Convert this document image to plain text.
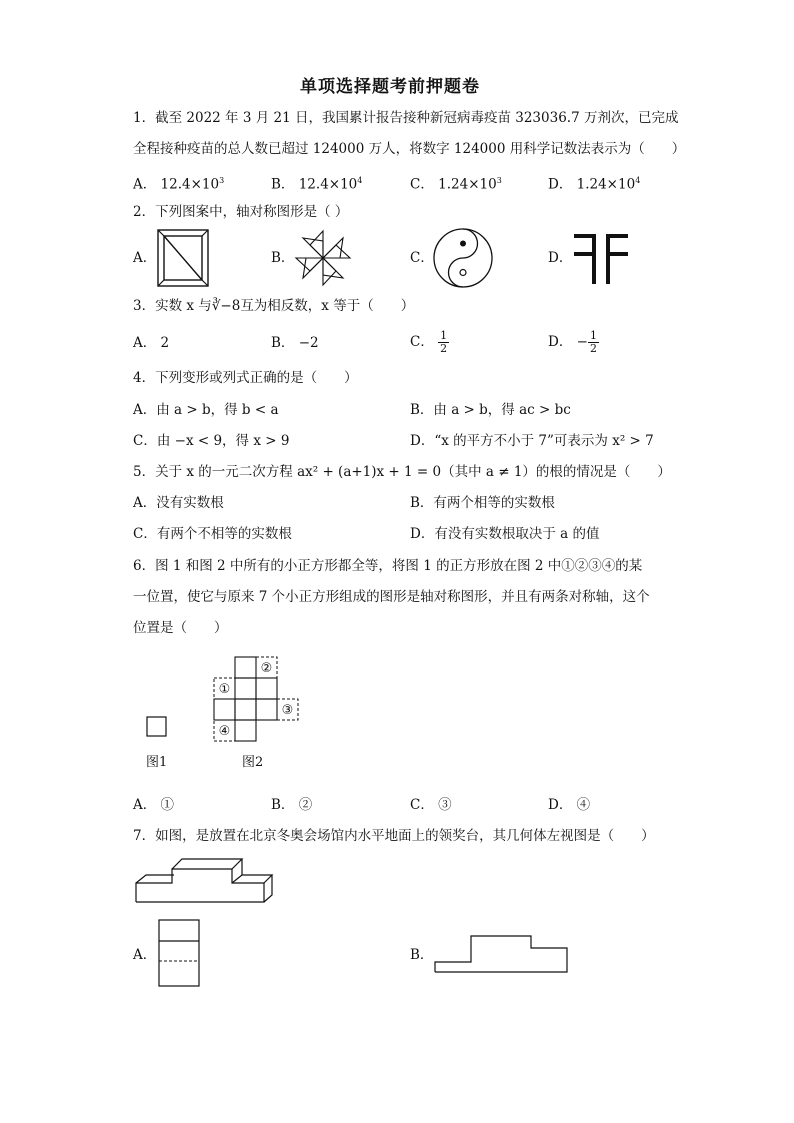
单项选择题考前押题卷
1．截至 2022 年 3 月 21 日，我国累计报告接种新冠病毒疫苗 323036.7 万剂次，已完成
全程接种疫苗的总人数已超过 124000 万人，将数字 124000 用科学记数法表示为（　　）
A． $12.4\times 10^3$	B． $12.4\times 10^4$	C． $1.24\times 10^3$	D． $1.24\times 10^4$
2．下列图案中，轴对称图形是（ ）
A．	B．	C．	D．
3．实数 x 与∛−8互为相反数，x 等于（　　）
A． 2	B． −2	C． $\frac{1}{2}$	D． − $\frac{1}{2}$
4．下列变形或列式正确的是（　　）
A．由 a > b，得 b < a	B．由 a > b，得 ac > bc
C．由 −x < 9，得 x > 9	D．“x 的平方不小于 7”可表示为 x² > 7
5．关于 x 的一元二次方程 ax² + (a+1)x + 1 = 0（其中 a ≠ 1）的根的情况是（　　）
A．没有实数根	B．有两个相等的实数根
C．有两个不相等的实数根	D．有没有实数根取决于 a 的值
6．图 1 和图 2 中所有的小正方形都全等，将图 1 的正方形放在图 2 中①②③④的某
一位置，使它与原来 7 个小正方形组成的图形是轴对称图形，并且有两条对称轴，这个
位置是（　　）
图1
①
②
③
④
图2
A． ①	B． ②	C． ③	D． ④
7．如图，是放置在北京冬奥会场馆内水平地面上的领奖台，其几何体左视图是（　　）
A．	B．
